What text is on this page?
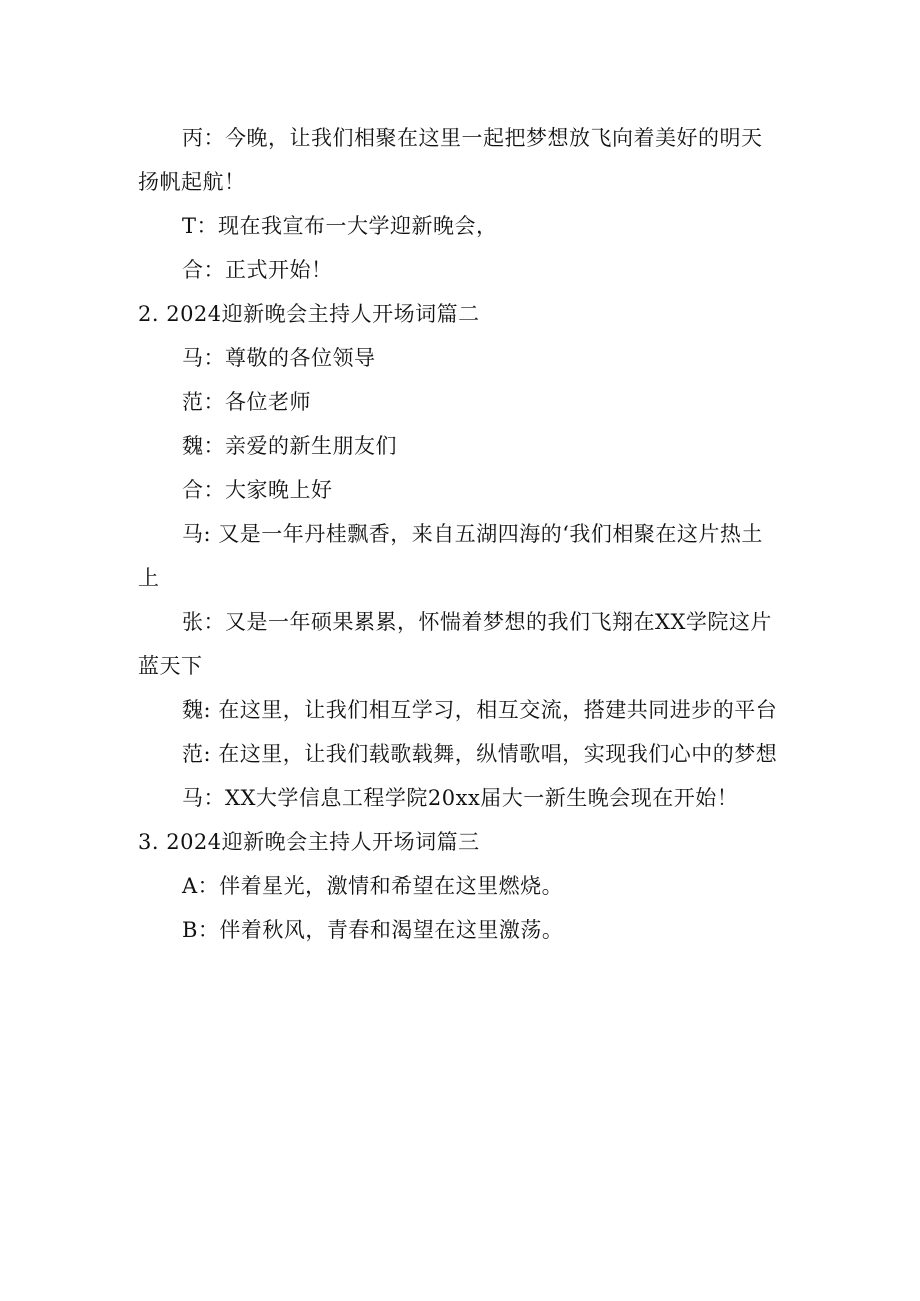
丙：今晚，让我们相聚在这里一起把梦想放飞向着美好的明天
扬帆起航！
T：现在我宣布一大学迎新晚会，
合：正式开始！
2. 2024迎新晚会主持人开场词篇二
马：尊敬的各位领导
范：各位老师
魏：亲爱的新生朋友们
合：大家晚上好
马: 又是一年丹桂飘香，来自五湖四海的‘我们相聚在这片热土
上
张：又是一年硕果累累，怀惴着梦想的我们飞翔在XX学院这片
蓝天下
魏: 在这里，让我们相互学习，相互交流，搭建共同进步的平台
范: 在这里，让我们载歌载舞，纵情歌唱，实现我们心中的梦想
马：XX大学信息工程学院20xx届大一新生晚会现在开始！
3. 2024迎新晚会主持人开场词篇三
A：伴着星光，激情和希望在这里燃烧。
B：伴着秋风，青春和渴望在这里激荡。
